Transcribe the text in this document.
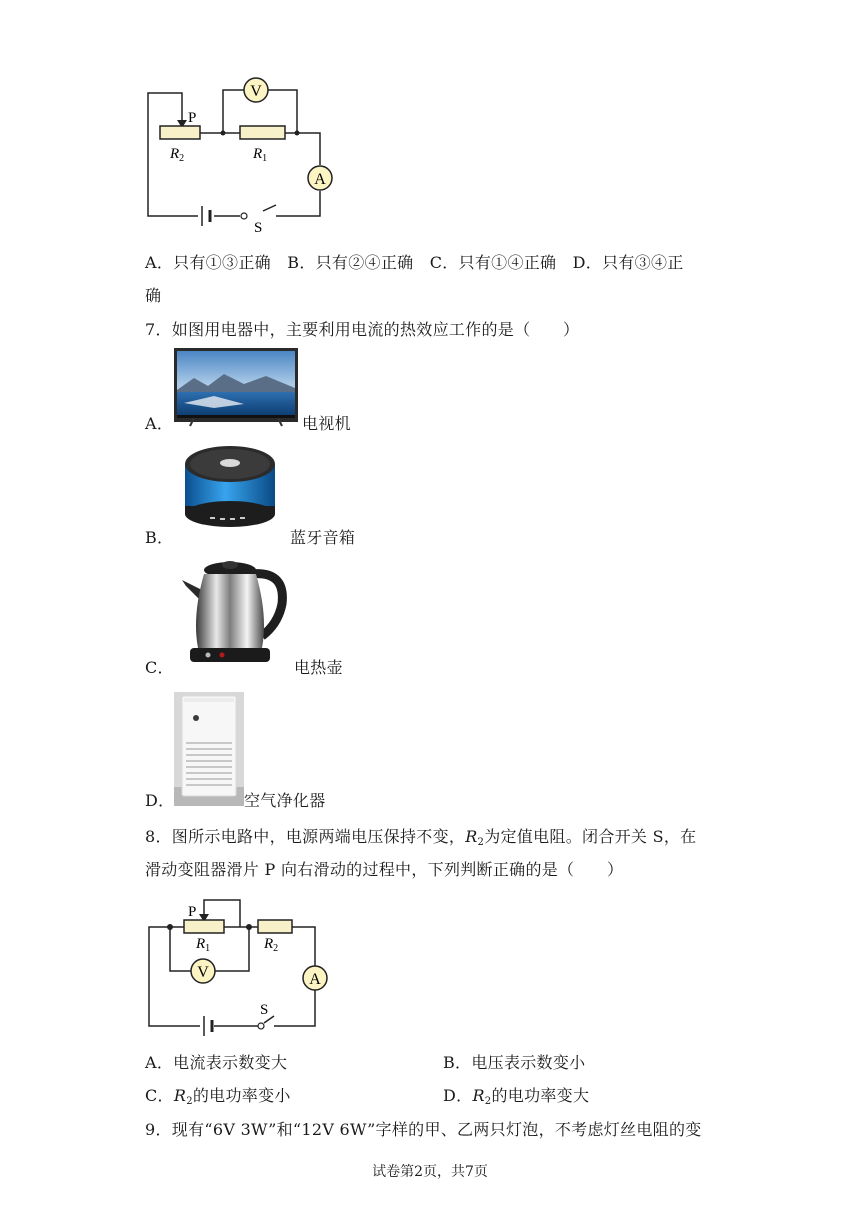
V
A
P
$R_2$	$R_1$
S
A．只有①③正确　B．只有②④正确　C．只有①④正确　D．只有③④正
确
7．如图用电器中，主要利用电流的热效应工作的是（　　）
A．	电视机
B．	蓝牙音箱
C．	电热壶
D．	空气净化器
8．图所示电路中，电源两端电压保持不变，$R_2$为定值电阻。闭合开关 S，在
滑动变阻器滑片 P 向右滑动的过程中，下列判断正确的是（　　）
V	A
P
$R_1$	$R_2$
S
A．电流表示数变大	B．电压表示数变小
C．$R_2$的电功率变小	D．$R_2$的电功率变大
9．现有“6V 3W”和“12V 6W”字样的甲、乙两只灯泡，不考虑灯丝电阻的变
试卷第2页，共7页
